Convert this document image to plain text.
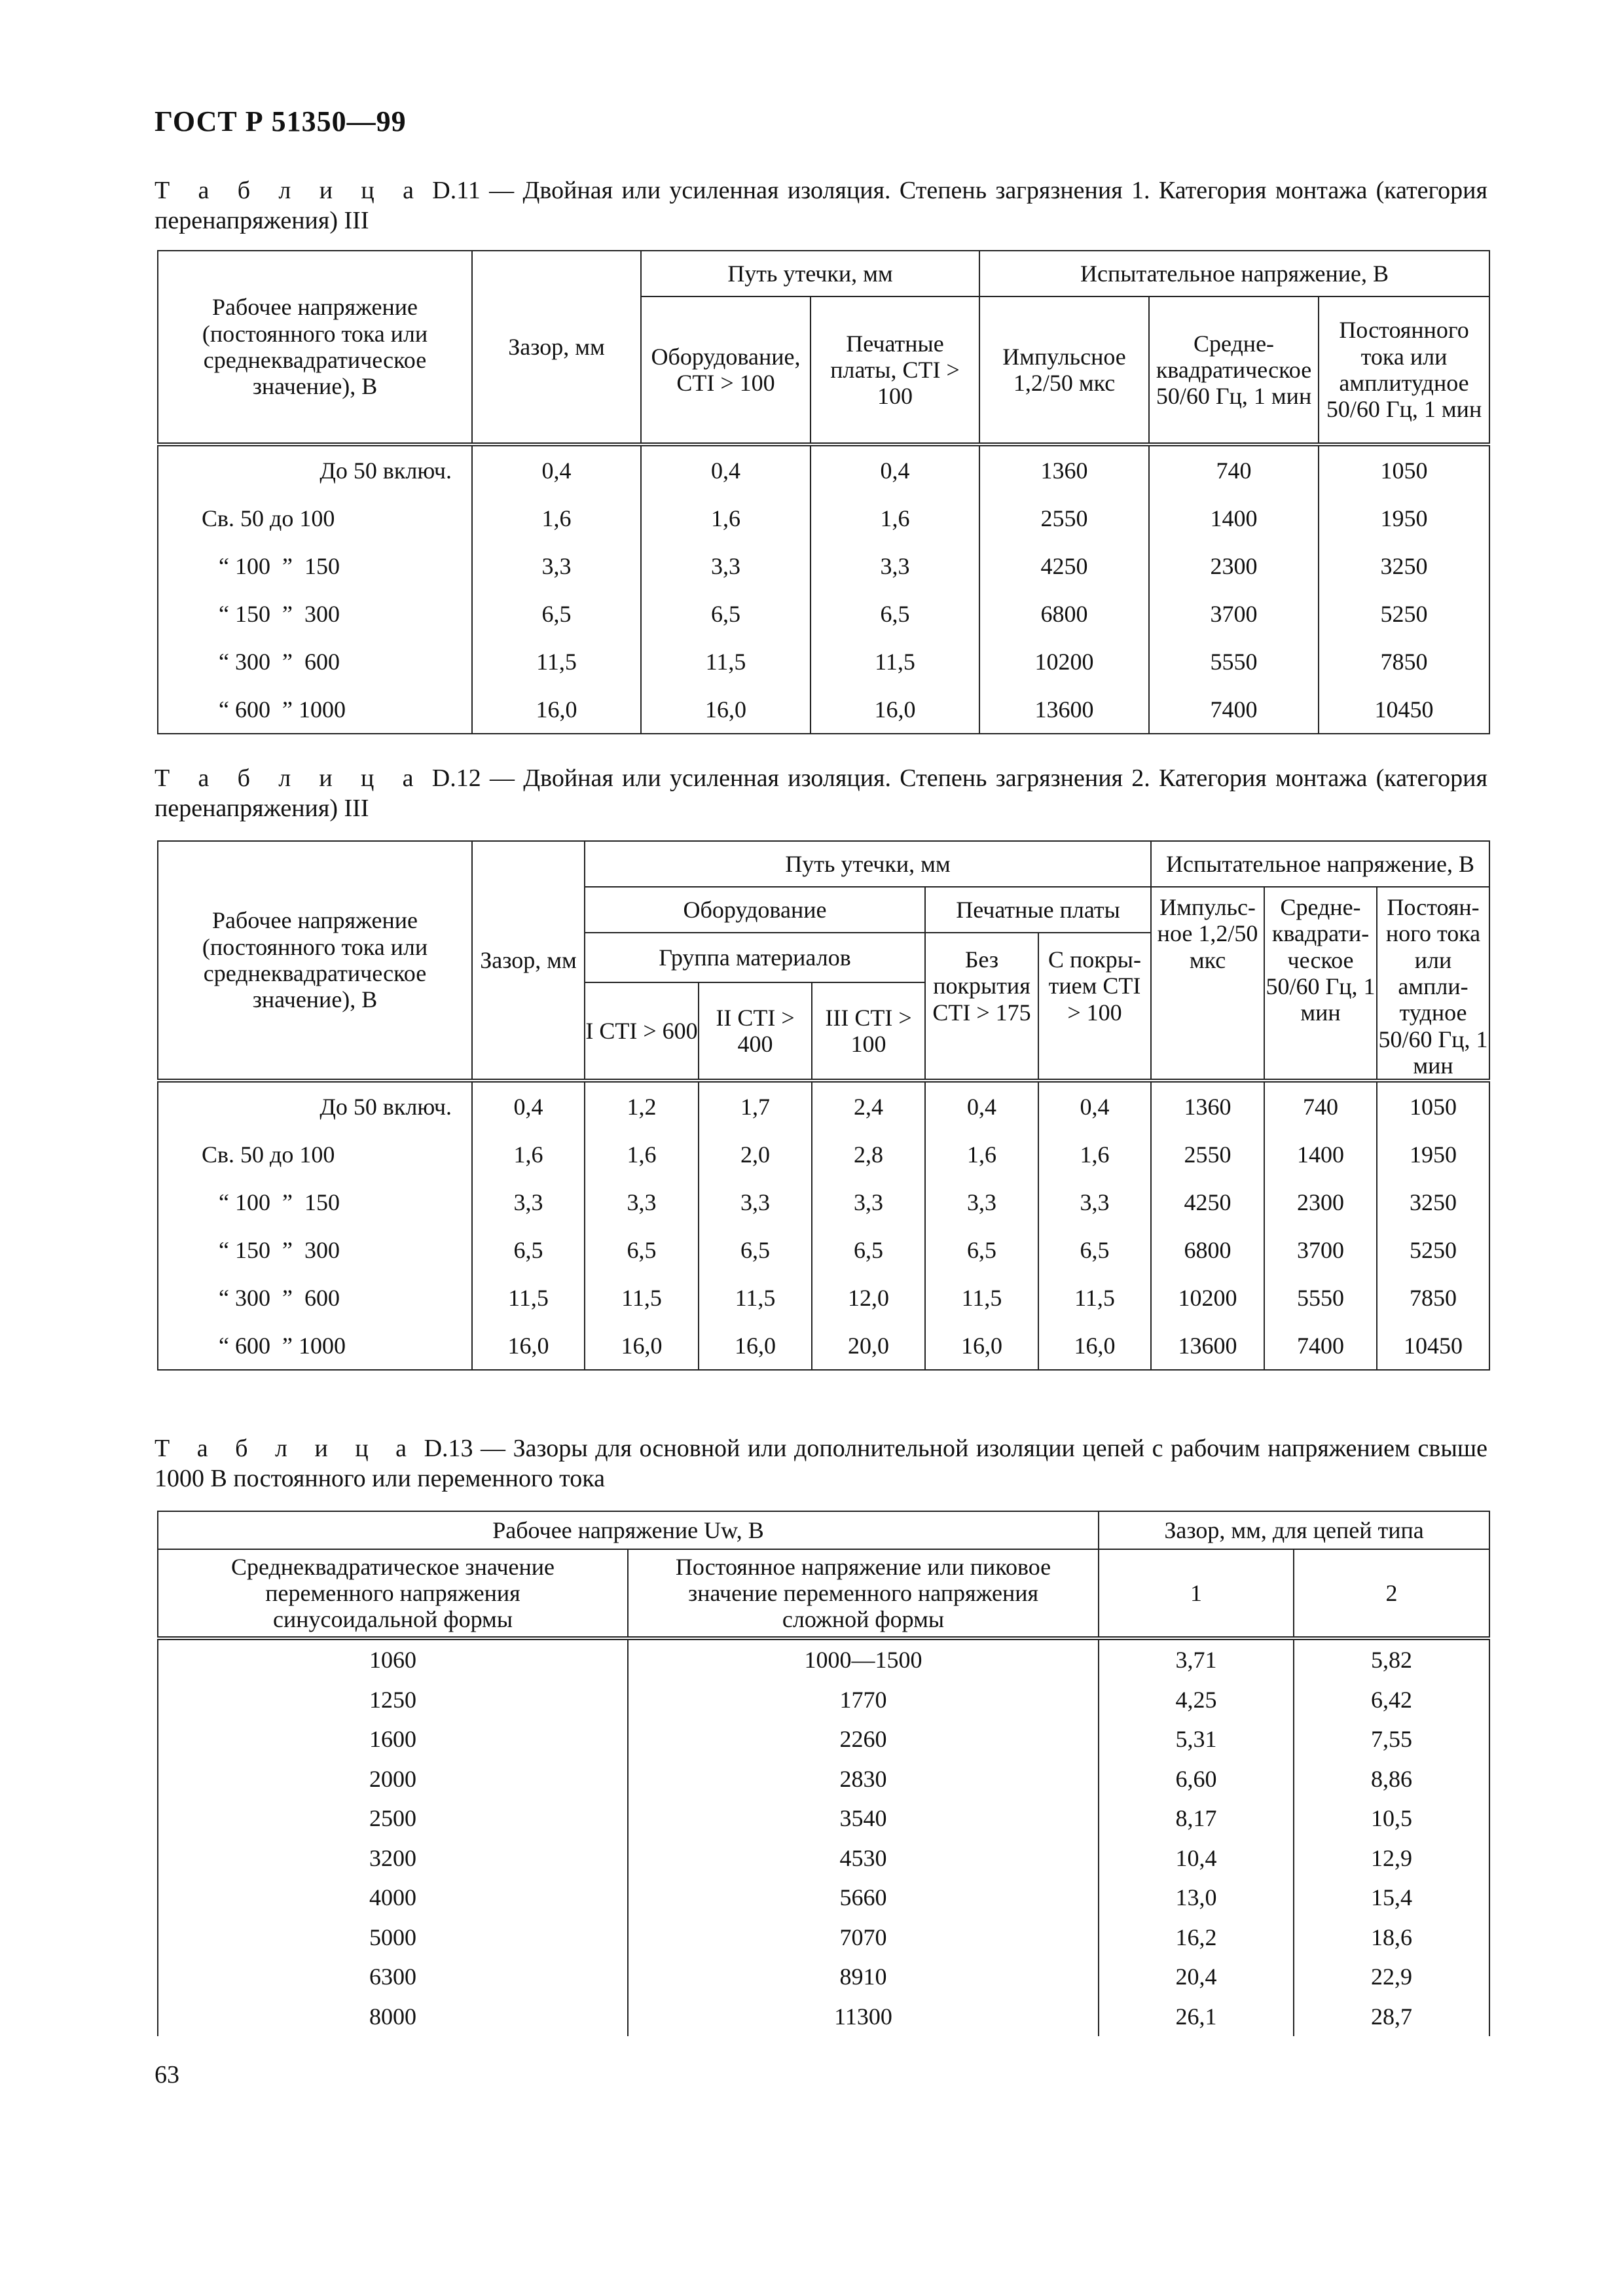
ГОСТ Р 51350—99
Т а б л и ц а D.11 — Двойная или усиленная изоляция. Степень загрязнения 1. Категория монтажа (категория перенапряжения) III
Рабочее напряжение (постоянного тока или среднеквадратическое значение), В	Зазор, мм	Путь утечки, мм		Испытательное напряжение, В		
		Оборудование, CTI > 100	Печатные платы, CTI > 100	Импульсное 1,2/50 мкс	Средне-квадратическое 50/60 Гц, 1 мин	Постоянного тока или амплитудное 50/60 Гц, 1 мин
До 50 включ.	0,4	0,4	0,4	1360	740	1050
Св. 50 до 100	1,6	1,6	1,6	2550	1400	1950
“ 100  ”  150	3,3	3,3	3,3	4250	2300	3250
“ 150  ”  300	6,5	6,5	6,5	6800	3700	5250
“ 300  ”  600	11,5	11,5	11,5	10200	5550	7850
“ 600  ” 1000	16,0	16,0	16,0	13600	7400	10450
Т а б л и ц а D.12 — Двойная или усиленная изоляция. Степень загрязнения 2. Категория монтажа (категория перенапряжения) III
Рабочее напряжение (постоянного тока или среднеквадратическое значение), В	Зазор, мм	Путь утечки, мм					Испытательное напряжение, В		
		Оборудование			Печатные платы		Импульс-ное 1,2/50 мкс	Средне-квадрати-ческое 50/60 Гц, 1 мин	Постоян-ного тока или ампли-тудное 50/60 Гц, 1 мин
		Группа материалов			Без покрытия CTI > 175	С покры-тием CTI > 100			
		I CTI > 600	II CTI > 400	III CTI > 100					
До 50 включ.	0,4	1,2	1,7	2,4	0,4	0,4	1360	740	1050
Св. 50 до 100	1,6	1,6	2,0	2,8	1,6	1,6	2550	1400	1950
“ 100  ”  150	3,3	3,3	3,3	3,3	3,3	3,3	4250	2300	3250
“ 150  ”  300	6,5	6,5	6,5	6,5	6,5	6,5	6800	3700	5250
“ 300  ”  600	11,5	11,5	11,5	12,0	11,5	11,5	10200	5550	7850
“ 600  ” 1000	16,0	16,0	16,0	20,0	16,0	16,0	13600	7400	10450
Т а б л и ц а D.13 — Зазоры для основной или дополнительной изоляции цепей с рабочим напряжением свыше 1000 В постоянного или переменного тока
Рабочее напряжение Uw, В		Зазор, мм, для цепей типа	
Среднеквадратическое значение переменного напряжения синусоидальной формы	Постоянное напряжение или пиковое значение переменного напряжения сложной формы	1	2
1060	1000—1500	3,71	5,82
1250	1770	4,25	6,42
1600	2260	5,31	7,55
2000	2830	6,60	8,86
2500	3540	8,17	10,5
3200	4530	10,4	12,9
4000	5660	13,0	15,4
5000	7070	16,2	18,6
6300	8910	20,4	22,9
8000	11300	26,1	28,7
63
